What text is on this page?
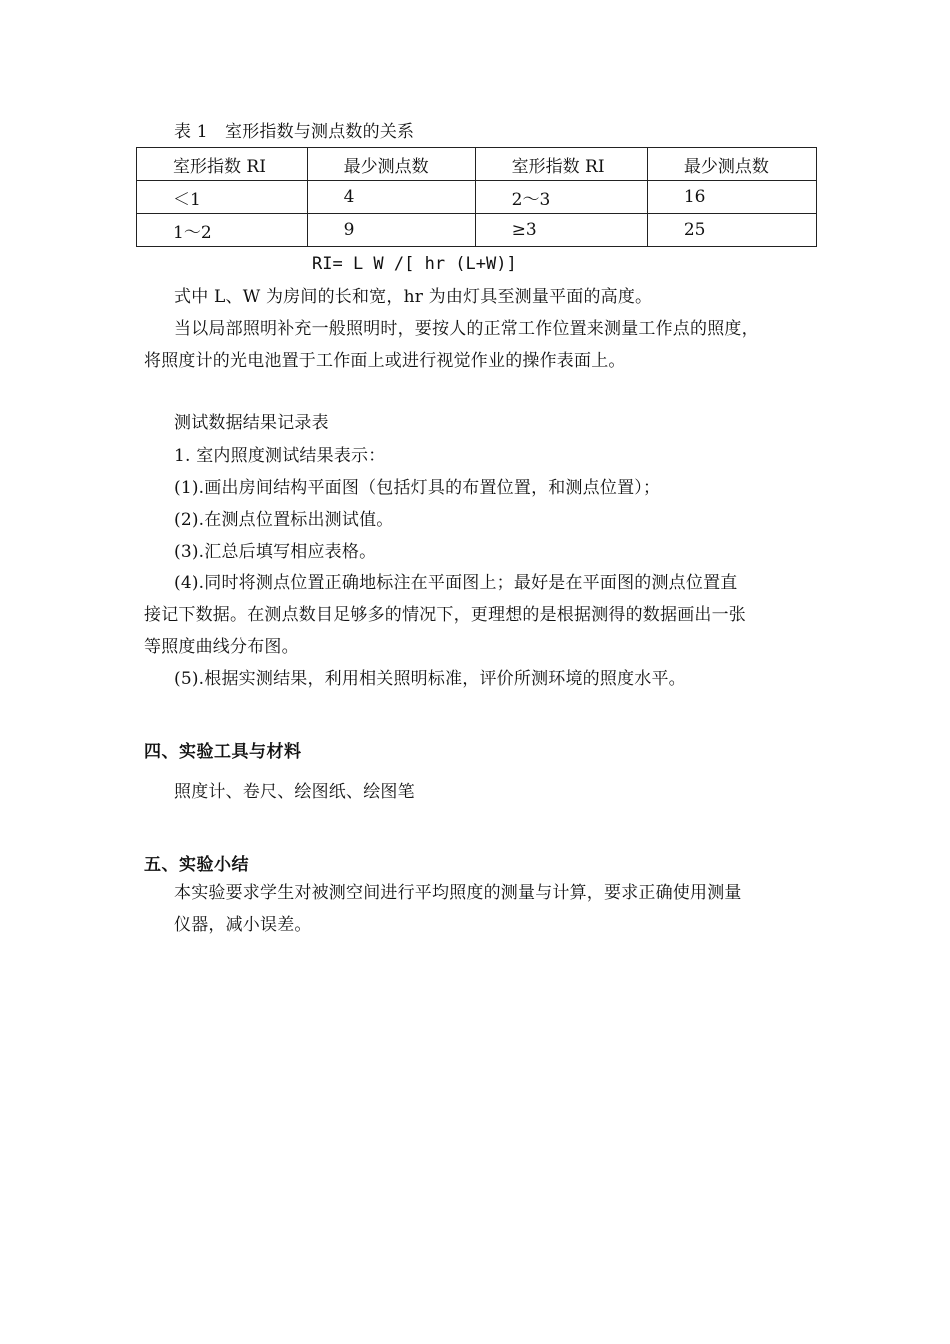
表 1　室形指数与测点数的关系
室形指数 RI	最少测点数	室形指数 RI	最少测点数
＜1	4	2～3	16
1～2	9	≥3	25
RI= L W /[ hr (L+W)]
式中 L、W 为房间的长和宽，hr 为由灯具至测量平面的高度。
当以局部照明补充一般照明时，要按人的正常工作位置来测量工作点的照度，
将照度计的光电池置于工作面上或进行视觉作业的操作表面上。
测试数据结果记录表
1. 室内照度测试结果表示：
(1).画出房间结构平面图（包括灯具的布置位置，和测点位置）；
(2).在测点位置标出测试值。
(3).汇总后填写相应表格。
(4).同时将测点位置正确地标注在平面图上；最好是在平面图的测点位置直
接记下数据。在测点数目足够多的情况下，更理想的是根据测得的数据画出一张
等照度曲线分布图。
(5).根据实测结果，利用相关照明标准，评价所测环境的照度水平。
四、实验工具与材料
照度计、卷尺、绘图纸、绘图笔
五、实验小结
本实验要求学生对被测空间进行平均照度的测量与计算，要求正确使用测量
仪器，减小误差。
